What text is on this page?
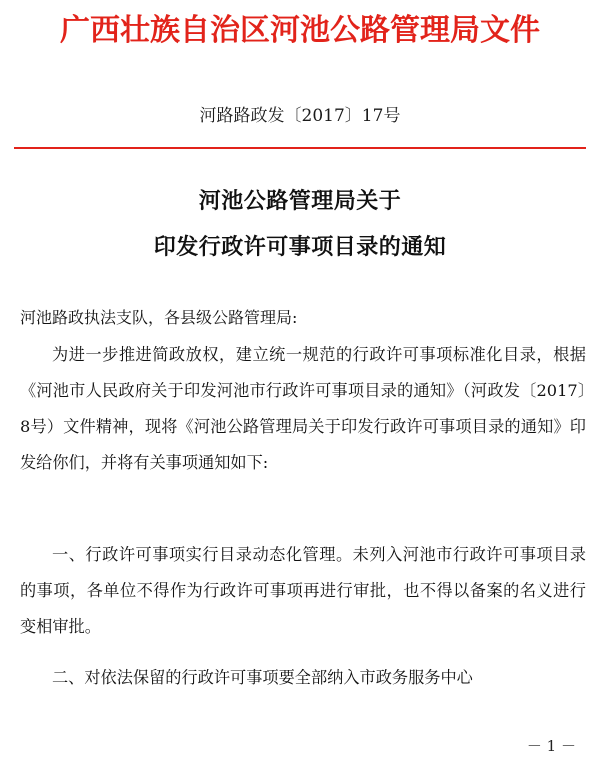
广西壮族自治区河池公路管理局文件
河路路政发〔2017〕17号
河池公路管理局关于
印发行政许可事项目录的通知
河池路政执法支队，各县级公路管理局:

为进一步推进简政放权，建立统一规范的行政许可事项标准化目录，根据《河池市人民政府关于印发河池市行政许可事项目录的通知》（河政发〔2017〕8号）文件精神，现将《河池公路管理局关于印发行政许可事项目录的通知》印发给你们，并将有关事项通知如下:

一、行政许可事项实行目录动态化管理。未列入河池市行政许可事项目录的事项，各单位不得作为行政许可事项再进行审批，也不得以备案的名义进行变相审批。

二、对依法保留的行政许可事项要全部纳入市政务服务中心

－ 1 －
